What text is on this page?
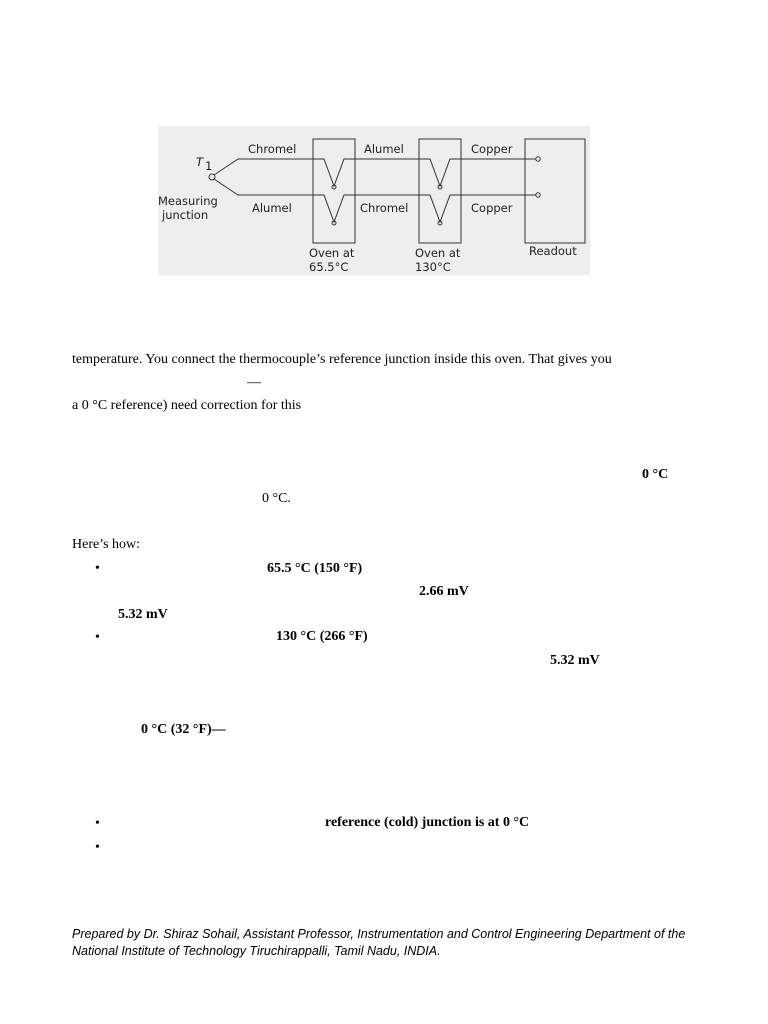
T 1
Measuring
junction
Chromel	Alumel	Copper
Alumel	Chromel	Copper
Oven at
65.5°C
Oven at
130°C
Readout
temperature. You connect the thermocouple’s reference junction inside this oven. That gives you
—
a 0 °C reference) need correction for this
0 °C
0 °C.
Here’s how:
•	65.5 °C (150 °F)
2.66 mV
5.32 mV
•	130 °C (266 °F)
5.32 mV
0 °C (32 °F)—
•	reference (cold) junction is at 0 °C
•
Prepared by Dr. Shiraz Sohail, Assistant Professor, Instrumentation and Control Engineering Department of the
National Institute of Technology Tiruchirappalli, Tamil Nadu, INDIA.
